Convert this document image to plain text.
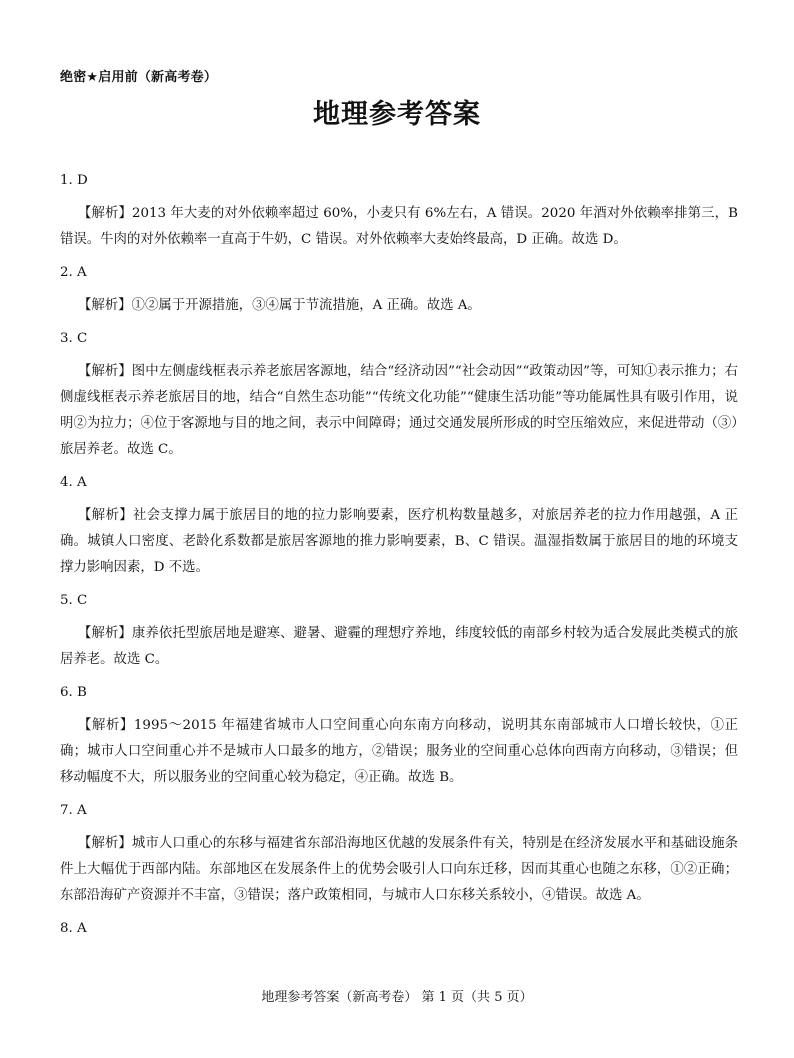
绝密★启用前（新高考卷）
地理参考答案
1. D

【解析】2013 年大麦的对外依赖率超过 60%，小麦只有 6%左右，A 错误。2020 年酒对外依赖率排第三，B 错误。牛肉的对外依赖率一直高于牛奶，C 错误。对外依赖率大麦始终最高，D 正确。故选 D。

2. A

【解析】①②属于开源措施，③④属于节流措施，A 正确。故选 A。

3. C

【解析】图中左侧虚线框表示养老旅居客源地，结合“经济动因”“社会动因”“政策动因”等，可知①表示推力；右侧虚线框表示养老旅居目的地，结合“自然生态功能”“传统文化功能”“健康生活功能”等功能属性具有吸引作用，说明②为拉力；④位于客源地与目的地之间，表示中间障碍；通过交通发展所形成的时空压缩效应，来促进带动（③）旅居养老。故选 C。

4. A

【解析】社会支撑力属于旅居目的地的拉力影响要素，医疗机构数量越多，对旅居养老的拉力作用越强，A 正确。城镇人口密度、老龄化系数都是旅居客源地的推力影响要素，B、C 错误。温湿指数属于旅居目的地的环境支撑力影响因素，D 不选。

5. C

【解析】康养依托型旅居地是避寒、避暑、避霾的理想疗养地，纬度较低的南部乡村较为适合发展此类模式的旅居养老。故选 C。

6. B

【解析】1995～2015 年福建省城市人口空间重心向东南方向移动，说明其东南部城市人口增长较快，①正确；城市人口空间重心并不是城市人口最多的地方，②错误；服务业的空间重心总体向西南方向移动，③错误；但移动幅度不大，所以服务业的空间重心较为稳定，④正确。故选 B。

7. A

【解析】城市人口重心的东移与福建省东部沿海地区优越的发展条件有关，特别是在经济发展水平和基础设施条件上大幅优于西部内陆。东部地区在发展条件上的优势会吸引人口向东迁移，因而其重心也随之东移，①②正确；东部沿海矿产资源并不丰富，③错误；落户政策相同，与城市人口东移关系较小，④错误。故选 A。

8. A
地理参考答案（新高考卷） 第 1 页（共 5 页）
